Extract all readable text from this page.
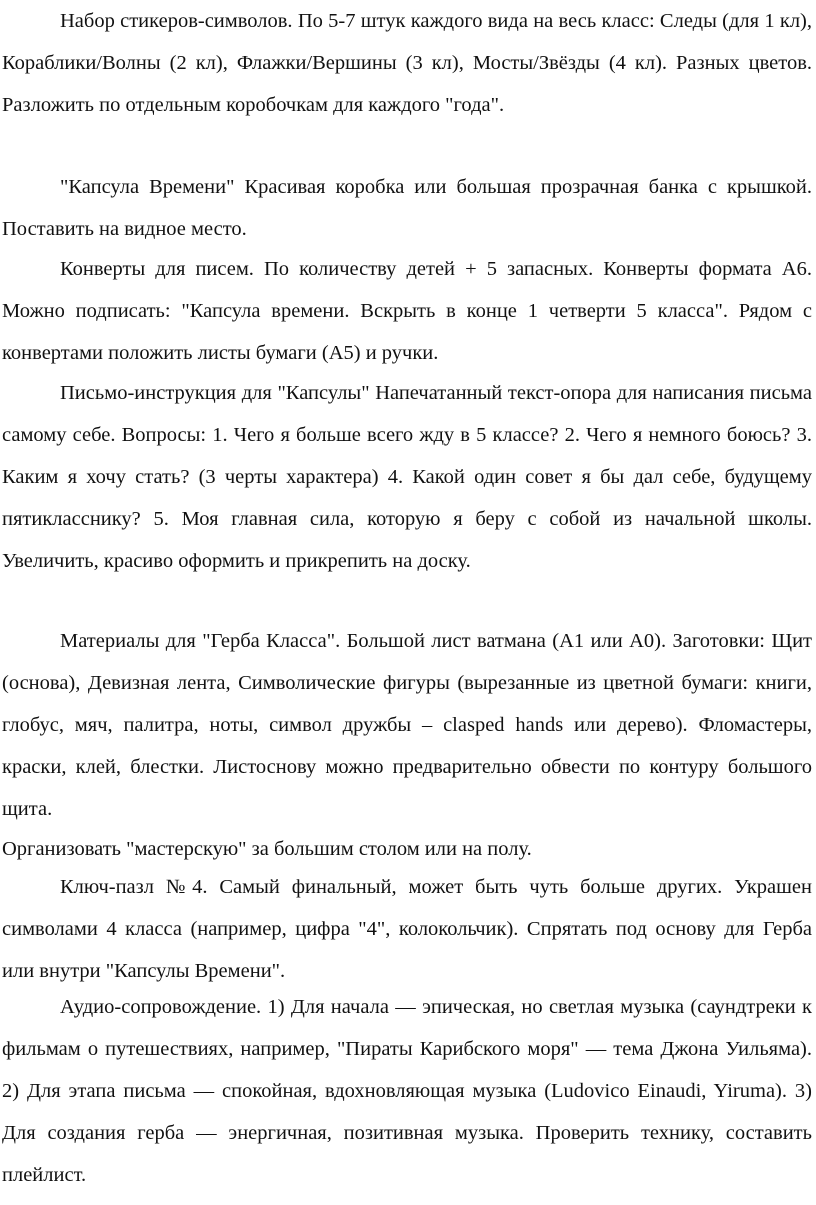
Набор стикеров-символов. По 5-7 штук каждого вида на весь класс: Следы (для 1 кл), Кораблики/Волны (2 кл), Флажки/Вершины (3 кл), Мосты/Звёзды (4 кл). Разных цветов. Разложить по отдельным коробочкам для каждого "года".

"Капсула Времени" Красивая коробка или большая прозрачная банка с крышкой. Поставить на видное место.

Конверты для писем. По количеству детей + 5 запасных. Конверты формата А6. Можно подписать: "Капсула времени. Вскрыть в конце 1 четверти 5 класса". Рядом с конвертами положить листы бумаги (А5) и ручки.

Письмо-инструкция для "Капсулы" Напечатанный текст-опора для написания письма самому себе. Вопросы: 1. Чего я больше всего жду в 5 классе? 2. Чего я немного боюсь? 3. Каким я хочу стать? (3 черты характера) 4. Какой один совет я бы дал себе, будущему пятикласснику? 5. Моя главная сила, которую я беру с собой из начальной школы. Увеличить, красиво оформить и прикрепить на доску.

Материалы для "Герба Класса". Большой лист ватмана (А1 или А0). Заготовки: Щит (основа), Девизная лента, Символические фигуры (вырезанные из цветной бумаги: книги, глобус, мяч, палитра, ноты, символ дружбы – clasped hands или дерево). Фломастеры, краски, клей, блестки. Листоснову можно предварительно обвести по контуру большого щита.

Организовать "мастерскую" за большим столом или на полу.

Ключ-пазл №4. Самый финальный, может быть чуть больше других. Украшен символами 4 класса (например, цифра "4", колокольчик). Спрятать под основу для Герба или внутри "Капсулы Времени".

Аудио-сопровождение. 1) Для начала — эпическая, но светлая музыка (саундтреки к фильмам о путешествиях, например, "Пираты Карибского моря" — тема Джона Уильяма). 2) Для этапа письма — спокойная, вдохновляющая музыка (Ludovico Einaudi, Yiruma). 3) Для создания герба — энергичная, позитивная музыка. Проверить технику, составить плейлист.
